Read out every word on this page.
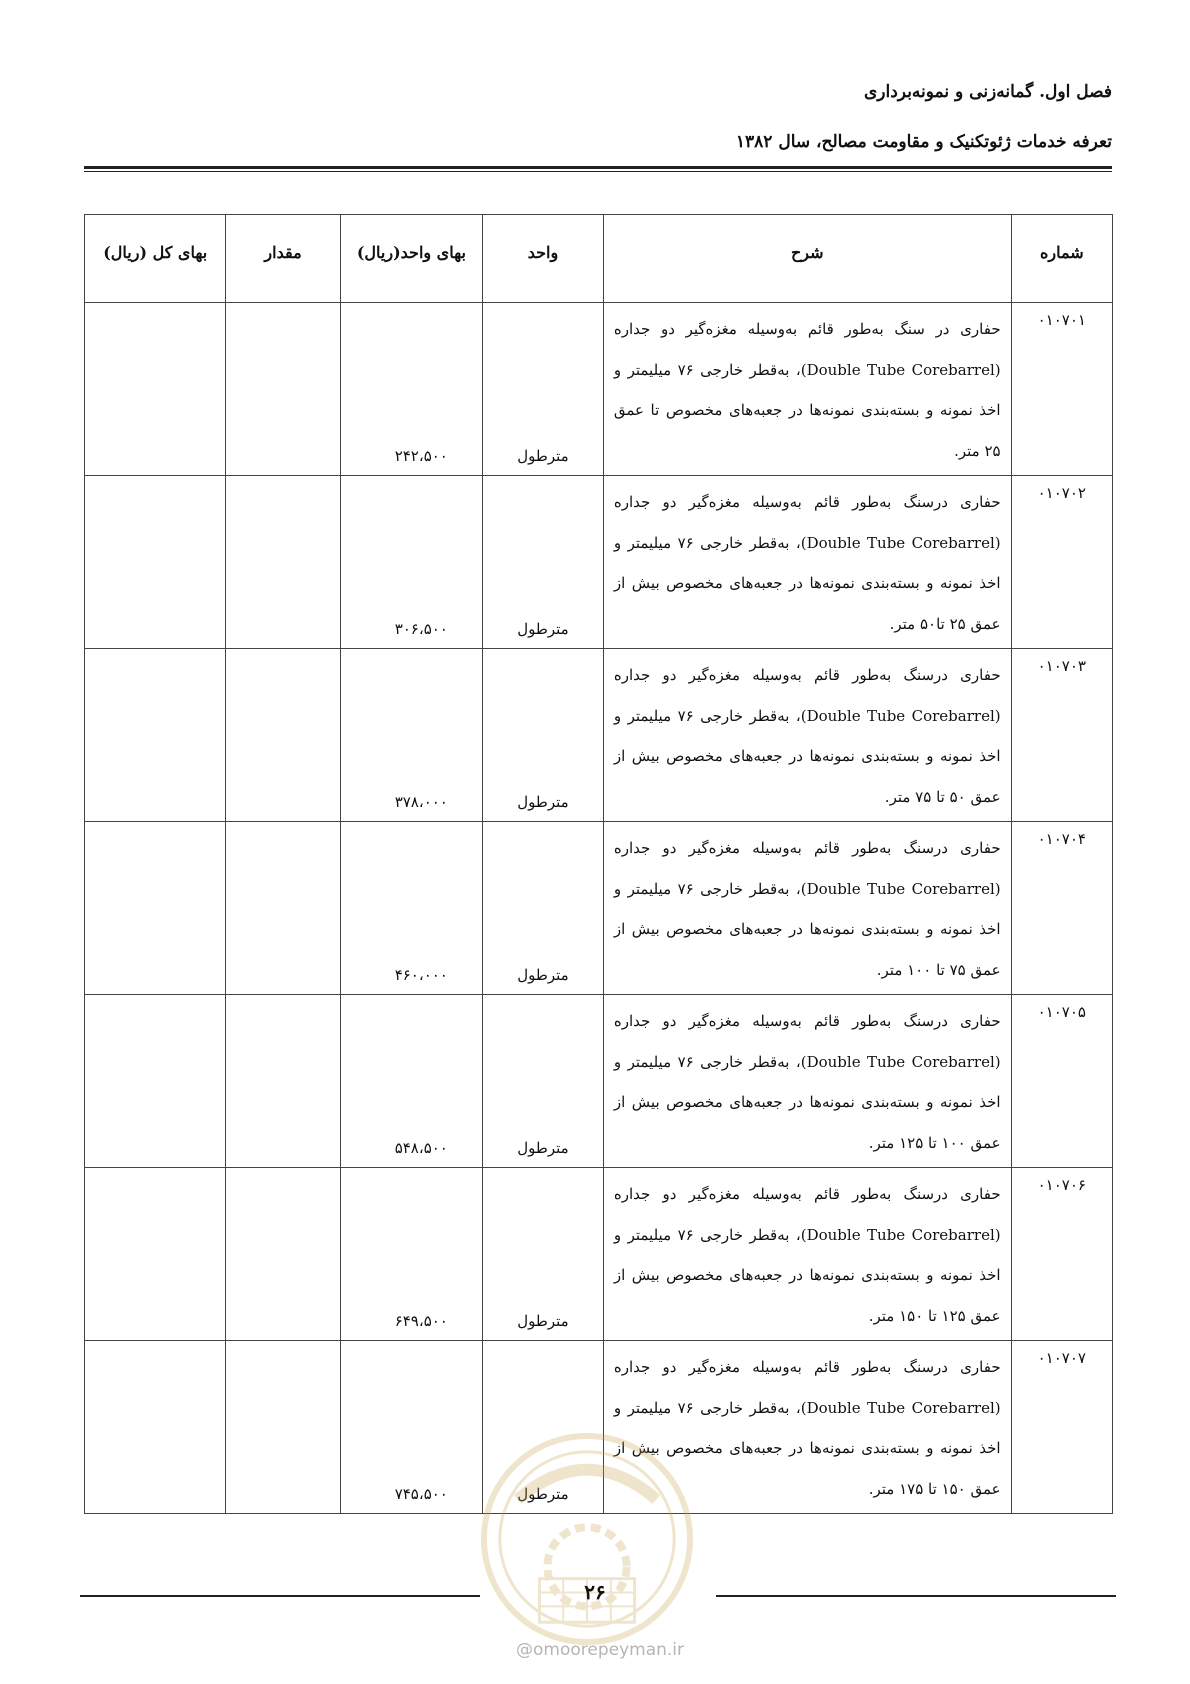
فصل اول. گمانه‌زنی و نمونه‌برداری
تعرفه خدمات ژئوتکنیک و مقاومت مصالح، سال ۱۳۸۲
شماره	شرح	واحد	بهای واحد(ریال)	مقدار	بهای کل (ریال)
۰۱۰۷۰۱	حفاری در سنگ به‌طور قائم به‌وسیله مغزه‌گیر دو جداره (Double Tube Corebarrel)، به‌قطر خارجی ۷۶ میلیمتر و اخذ نمونه و بسته‌بندی نمونه‌ها در جعبه‌های مخصوص تا عمق ۲۵ متر.	مترطول	۲۴۲،۵۰۰		
۰۱۰۷۰۲	حفاری درسنگ به‌طور قائم به‌وسیله مغزه‌گیر دو جداره (Double Tube Corebarrel)، به‌قطر خارجی ۷۶ میلیمتر و اخذ نمونه و بسته‌بندی نمونه‌ها در جعبه‌های مخصوص بیش از عمق ۲۵ تا۵۰ متر.	مترطول	۳۰۶،۵۰۰		
۰۱۰۷۰۳	حفاری درسنگ به‌طور قائم به‌وسیله مغزه‌گیر دو جداره (Double Tube Corebarrel)، به‌قطر خارجی ۷۶ میلیمتر و اخذ نمونه و بسته‌بندی نمونه‌ها در جعبه‌های مخصوص بیش از عمق ۵۰ تا ۷۵ متر.	مترطول	۳۷۸،۰۰۰		
۰۱۰۷۰۴	حفاری درسنگ به‌طور قائم به‌وسیله مغزه‌گیر دو جداره (Double Tube Corebarrel)، به‌قطر خارجی ۷۶ میلیمتر و اخذ نمونه و بسته‌بندی نمونه‌ها در جعبه‌های مخصوص بیش از عمق ۷۵ تا ۱۰۰ متر.	مترطول	۴۶۰،۰۰۰		
۰۱۰۷۰۵	حفاری درسنگ به‌طور قائم به‌وسیله مغزه‌گیر دو جداره (Double Tube Corebarrel)، به‌قطر خارجی ۷۶ میلیمتر و اخذ نمونه و بسته‌بندی نمونه‌ها در جعبه‌های مخصوص بیش از عمق ۱۰۰ تا ۱۲۵ متر.	مترطول	۵۴۸،۵۰۰		
۰۱۰۷۰۶	حفاری درسنگ به‌طور قائم به‌وسیله مغزه‌گیر دو جداره (Double Tube Corebarrel)، به‌قطر خارجی ۷۶ میلیمتر و اخذ نمونه و بسته‌بندی نمونه‌ها در جعبه‌های مخصوص بیش از عمق ۱۲۵ تا ۱۵۰ متر.	مترطول	۶۴۹،۵۰۰		
۰۱۰۷۰۷	حفاری درسنگ به‌طور قائم به‌وسیله مغزه‌گیر دو جداره (Double Tube Corebarrel)، به‌قطر خارجی ۷۶ میلیمتر و اخذ نمونه و بسته‌بندی نمونه‌ها در جعبه‌های مخصوص بیش از عمق ۱۵۰ تا ۱۷۵ متر.	مترطول	۷۴۵،۵۰۰		
۲۶
@omoorepeyman.ir
